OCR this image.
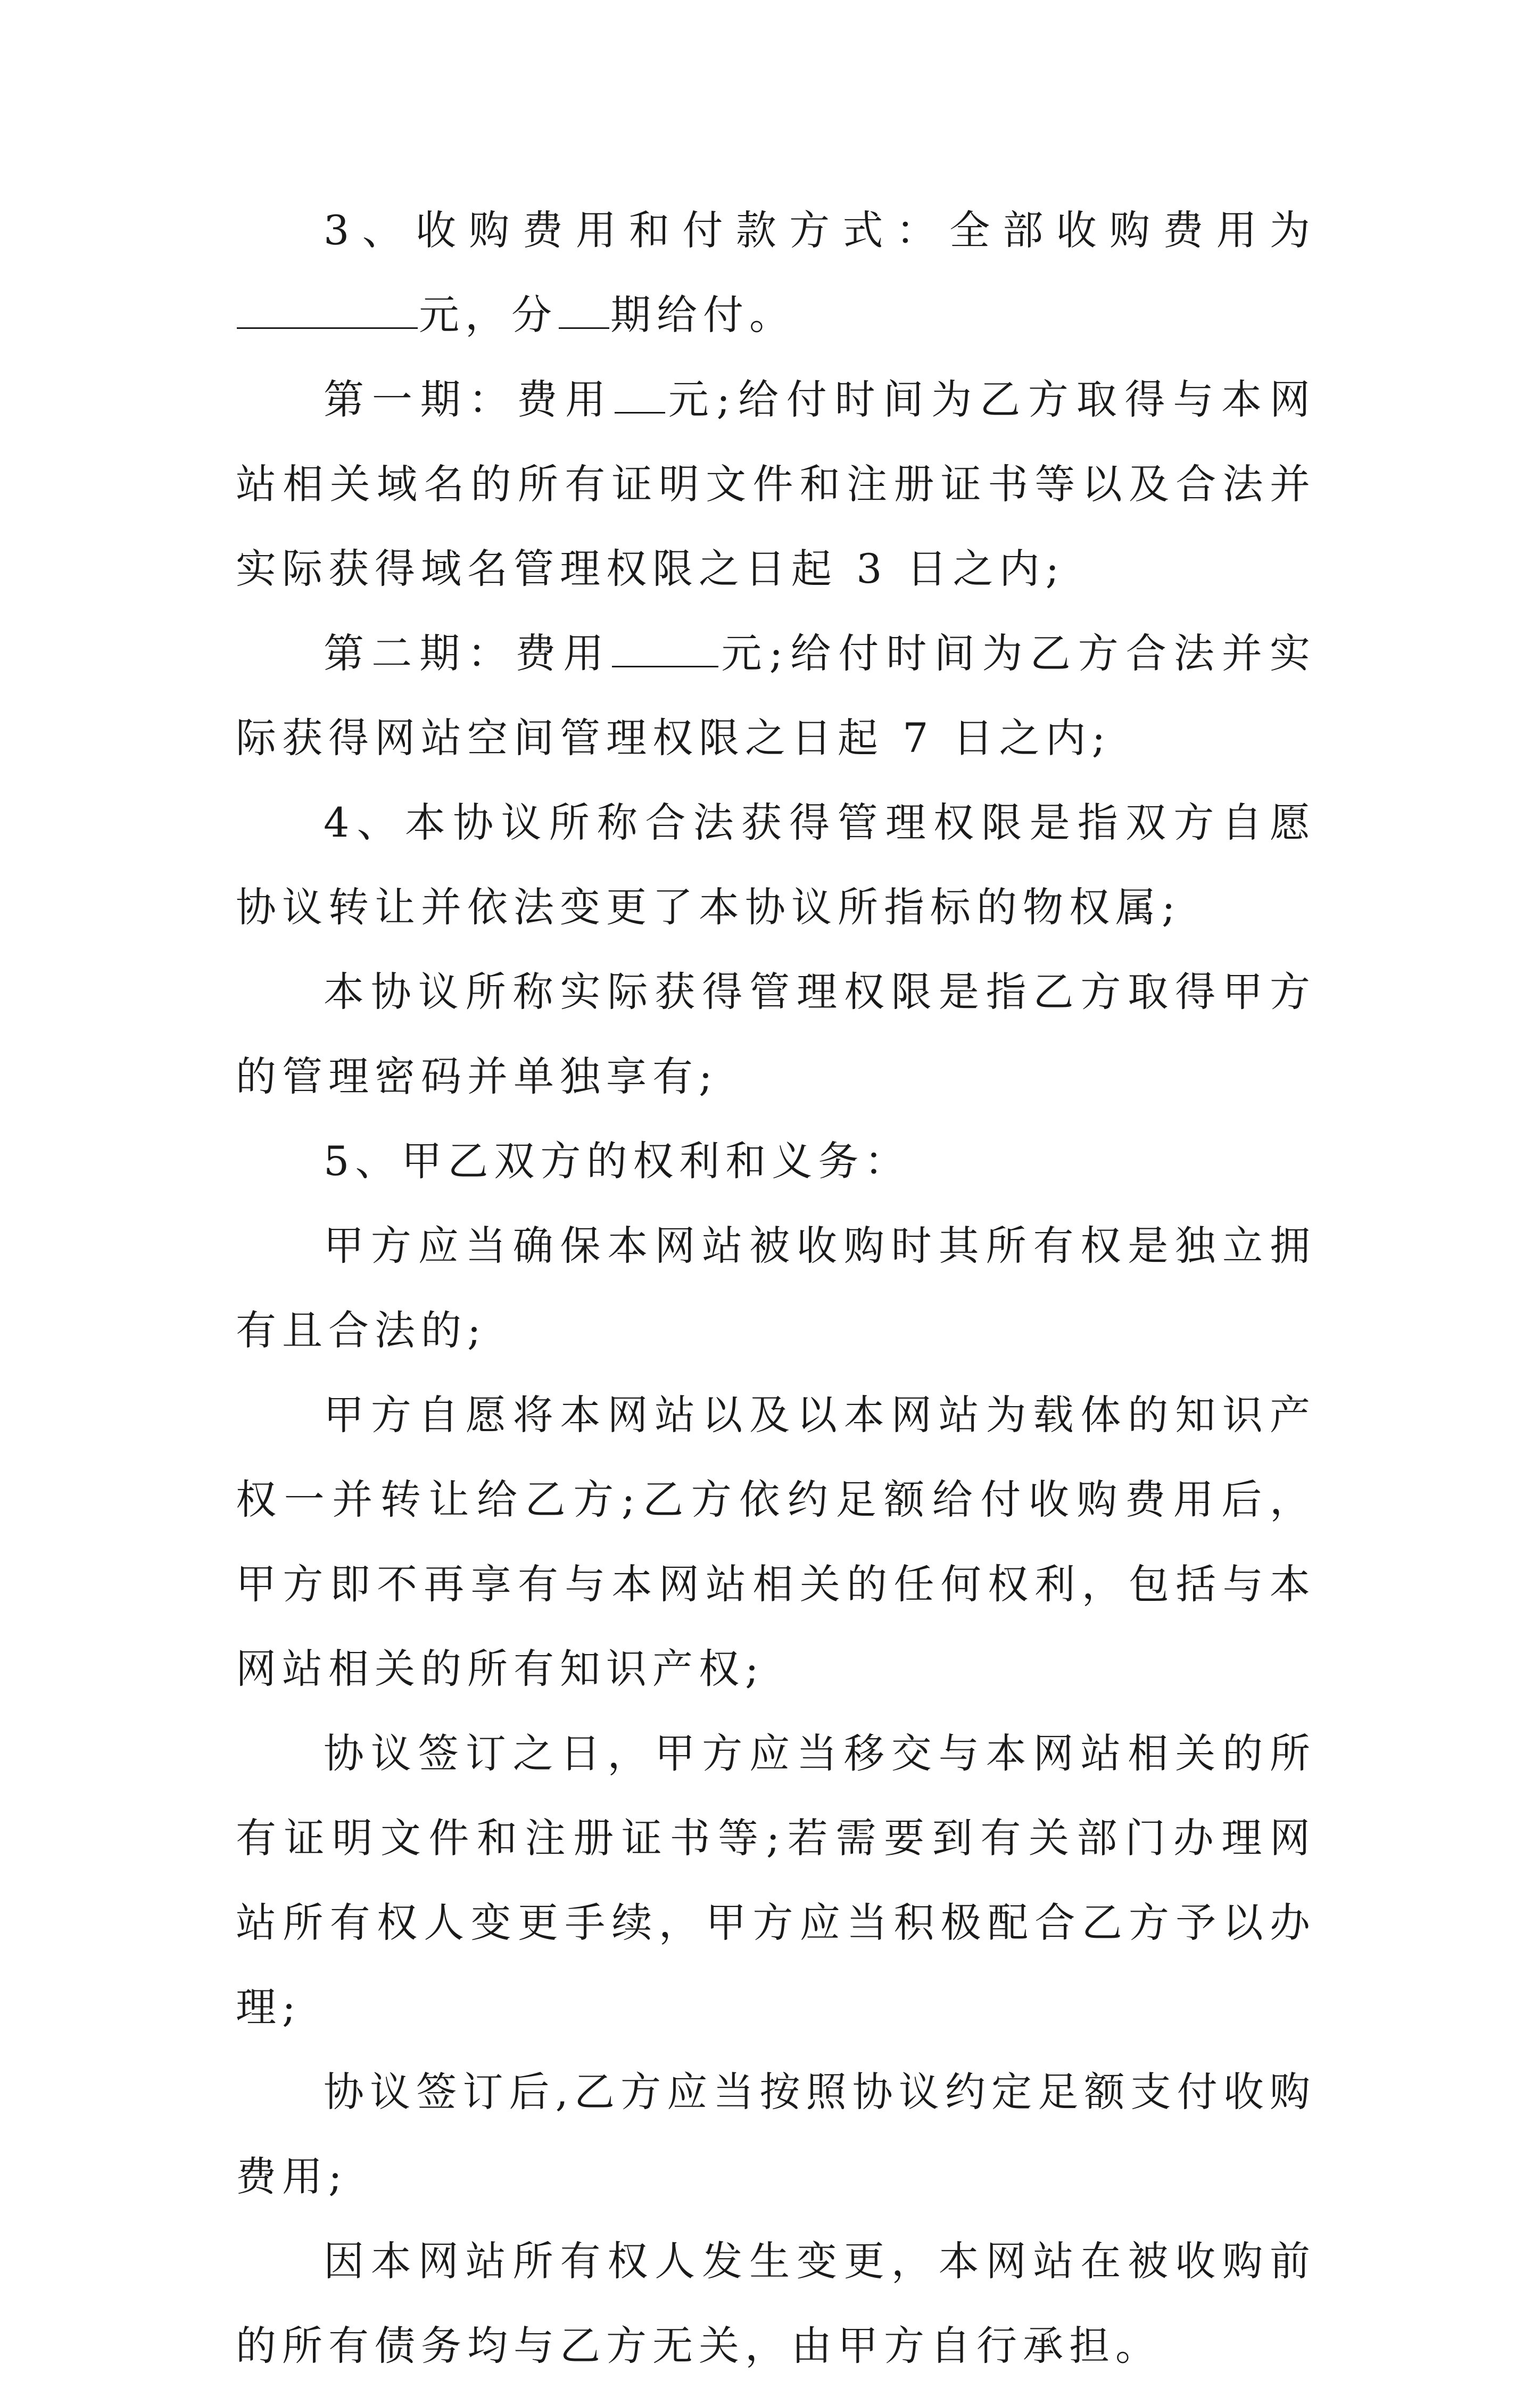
3、收购费用和付款方式：全部收购费用为元，分 期给付。

第一期：费用 元;给付时间为乙方取得与本网站相关域名的所有证明文件和注册证书等以及合法并实际获得域名管理权限之日起 3 日之内;

第二期：费用	元;给付时间为乙方合法并实际获得网站空间管理权限之日起 7 日之内;

4、本协议所称合法获得管理权限是指双方自愿协议转让并依法变更了本协议所指标的物权属;

本协议所称实际获得管理权限是指乙方取得甲方的管理密码并单独享有;

5、甲乙双方的权利和义务：

甲方应当确保本网站被收购时其所有权是独立拥有且合法的;

甲方自愿将本网站以及以本网站为载体的知识产权一并转让给乙方;乙方依约足额给付收购费用后，甲方即不再享有与本网站相关的任何权利，包括与本网站相关的所有知识产权;

协议签订之日，甲方应当移交与本网站相关的所有证明文件和注册证书等;若需要到有关部门办理网站所有权人变更手续，甲方应当积极配合乙方予以办理;

协议签订后,乙方应当按照协议约定足额支付收购费用;

因本网站所有权人发生变更，本网站在被收购前的所有债务均与乙方无关，由甲方自行承担。
